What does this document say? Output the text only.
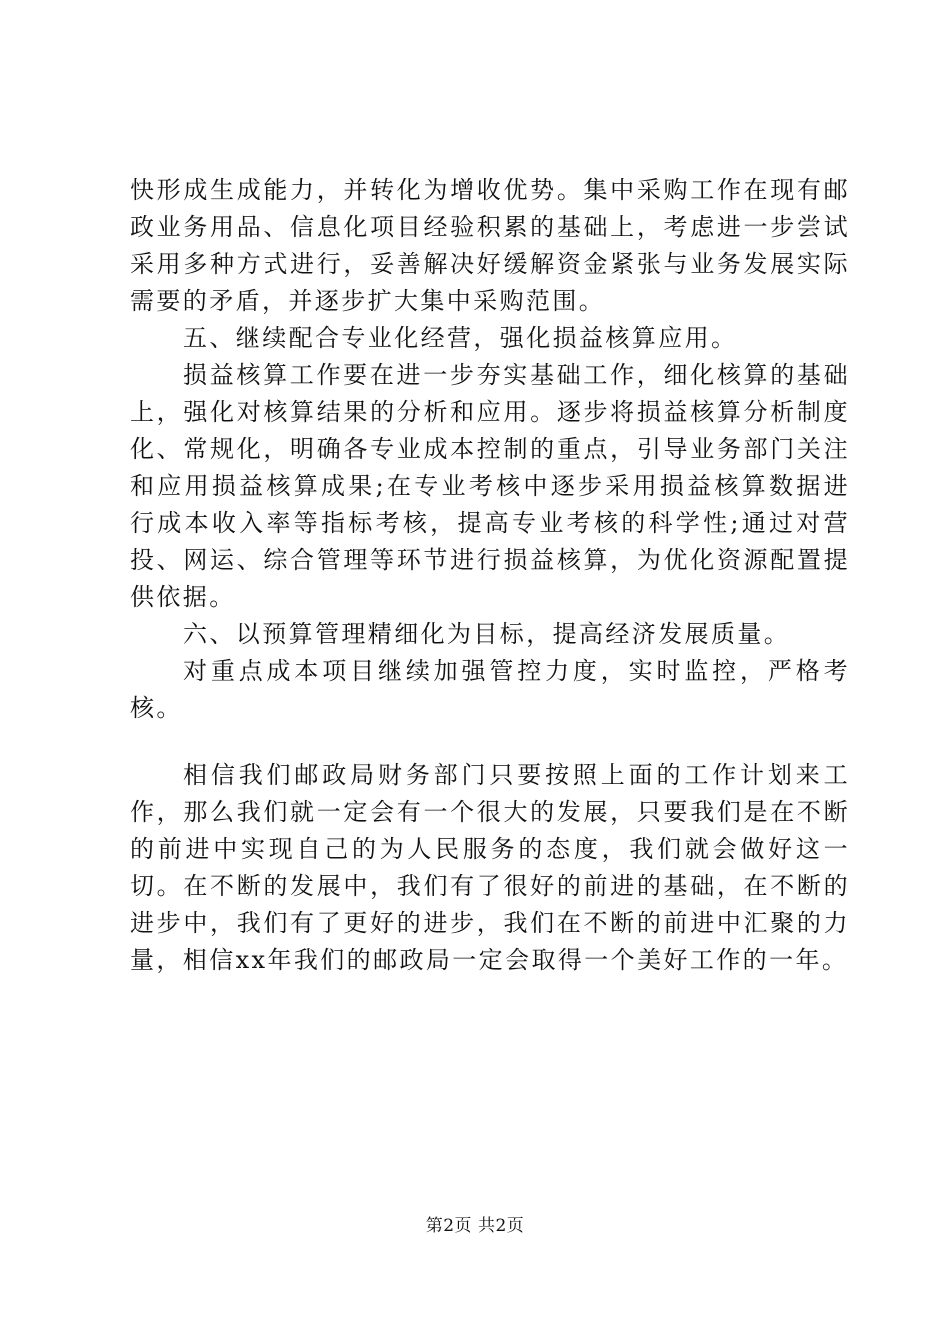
快形成生成能力，并转化为增收优势。集中采购工作在现有邮政业务用品、信息化项目经验积累的基础上，考虑进一步尝试采用多种方式进行，妥善解决好缓解资金紧张与业务发展实际需要的矛盾，并逐步扩大集中采购范围。

五、继续配合专业化经营，强化损益核算应用。

损益核算工作要在进一步夯实基础工作，细化核算的基础上，强化对核算结果的分析和应用。逐步将损益核算分析制度化、常规化，明确各专业成本控制的重点，引导业务部门关注和应用损益核算成果;在专业考核中逐步采用损益核算数据进行成本收入率等指标考核，提高专业考核的科学性;通过对营投、网运、综合管理等环节进行损益核算，为优化资源配置提供依据。

六、以预算管理精细化为目标，提高经济发展质量。

对重点成本项目继续加强管控力度，实时监控，严格考核。

相信我们邮政局财务部门只要按照上面的工作计划来工作，那么我们就一定会有一个很大的发展，只要我们是在不断的前进中实现自己的为人民服务的态度，我们就会做好这一切。在不断的发展中，我们有了很好的前进的基础，在不断的进步中，我们有了更好的进步，我们在不断的前进中汇聚的力量，相信xx年我们的邮政局一定会取得一个美好工作的一年。

第2页 共2页
